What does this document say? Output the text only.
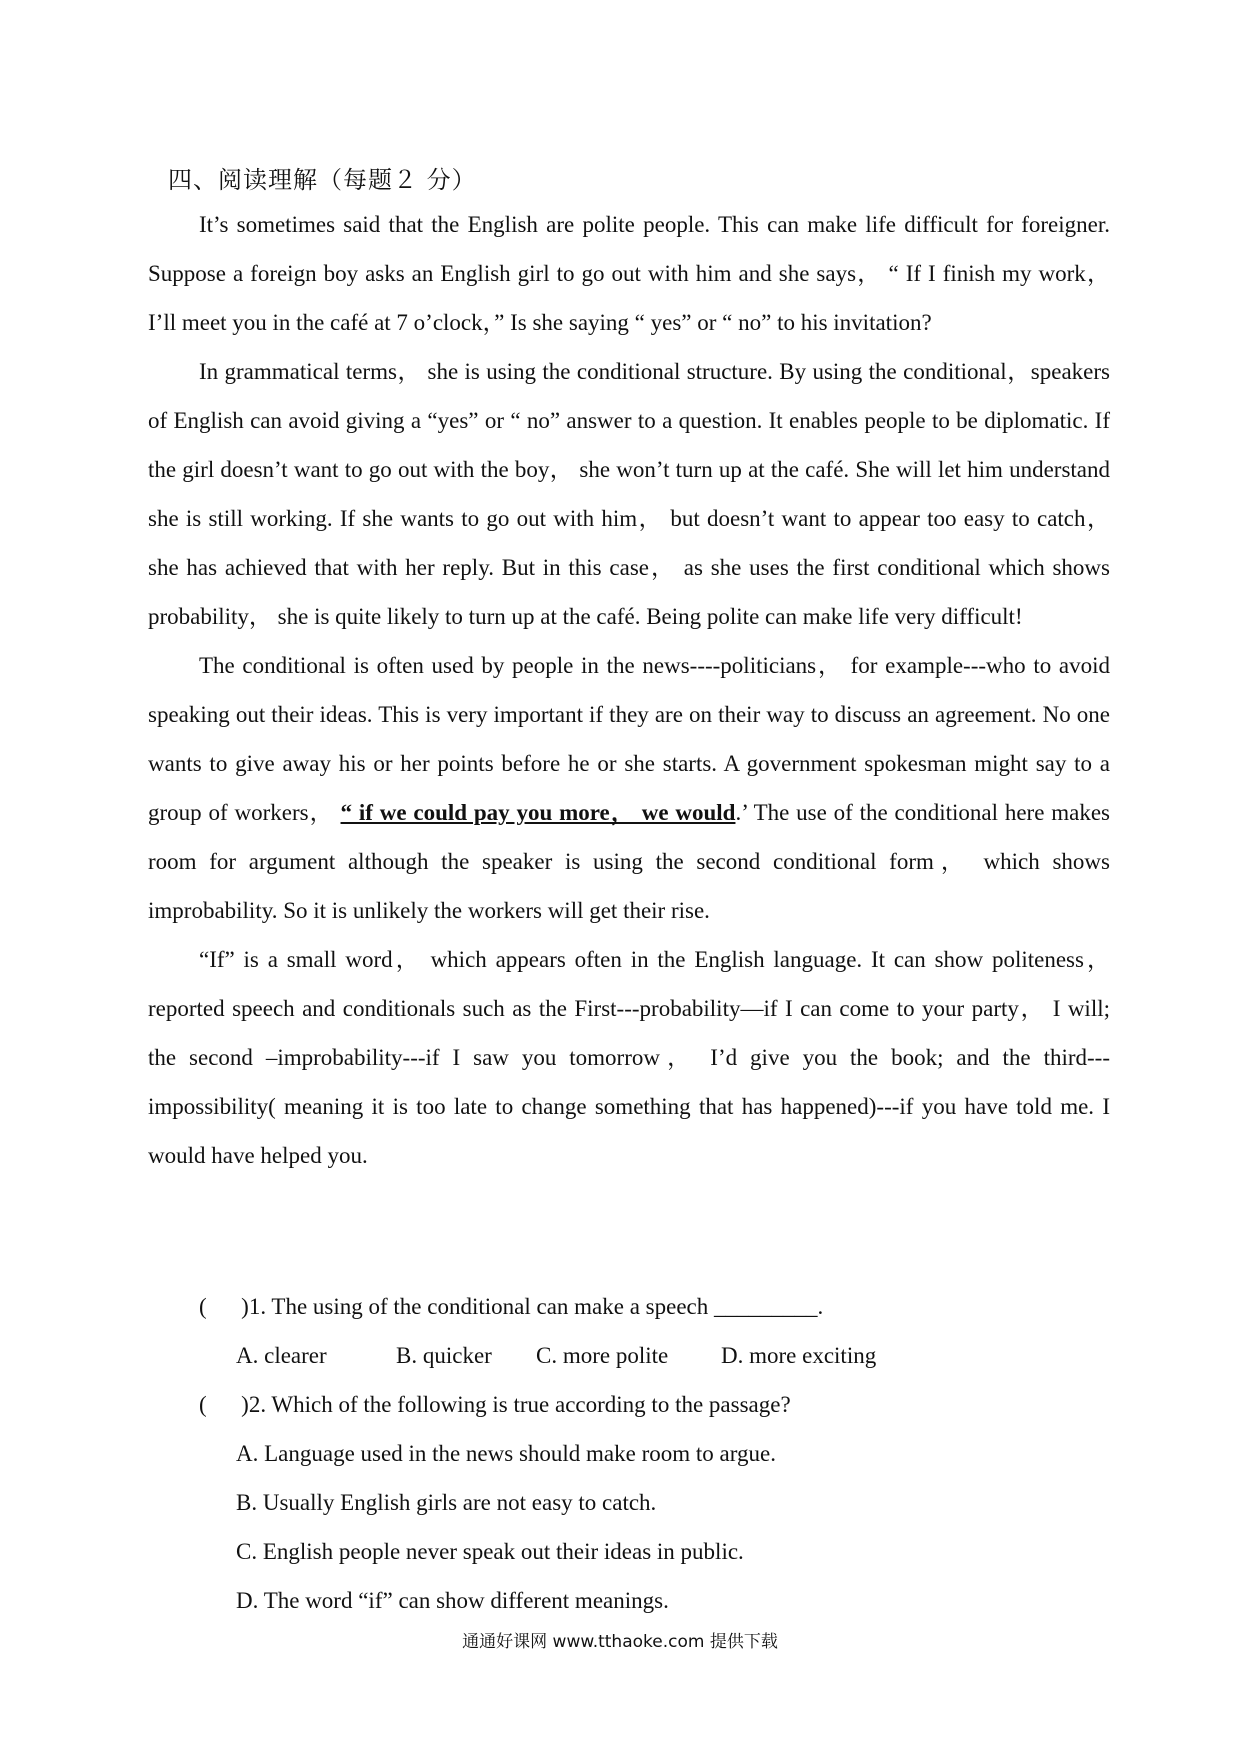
四、阅读理解（每题２ 分）

It’s sometimes said that the English are polite people. This can make life difficult for foreigner. Suppose a foreign boy asks an English girl to go out with him and she says， “ If I finish my work， I’ll meet you in the café at 7 o’clock，” Is she saying “ yes” or “ no” to his invitation?

In grammatical terms， she is using the conditional structure. By using the conditional，speakers of English can avoid giving a “yes” or “ no” answer to a question. It enables people to be diplomatic. If the girl doesn’t want to go out with the boy， she won’t turn up at the café. She will let him understand she is still working. If she wants to go out with him， but doesn’t want to appear too easy to catch， she has achieved that with her reply. But in this case， as she uses the first conditional which shows probability， she is quite likely to turn up at the café. Being polite can make life very difficult!

The conditional is often used by people in the news----politicians， for example---who to avoid speaking out their ideas. This is very important if they are on their way to discuss an agreement. No one wants to give away his or her points before he or she starts. A government spokesman might say to a group of workers， “ if we could pay you more， we would.’ The use of the conditional here makes room for argument although the speaker is using the second conditional form， which shows improbability. So it is unlikely the workers will get their rise.

“If” is a small word， which appears often in the English language. It can show politeness， reported speech and conditionals such as the First---probability—if I can come to your party， I will; the second –improbability---if I saw you tomorrow， I’d give you the book; and the third---impossibility( meaning it is too late to change something that has happened)---if you have told me. I would have helped you.

(      )1. The using of the conditional can make a speech _________.
A. clearer	B. quicker C. more polite D. more exciting
(      )2. Which of the following is true according to the passage?
A. Language used in the news should make room to argue.
B. Usually English girls are not easy to catch.
C. English people never speak out their ideas in public.
D. The word “if” can show different meanings.
通通好课网 www.tthaoke.com 提供下载
